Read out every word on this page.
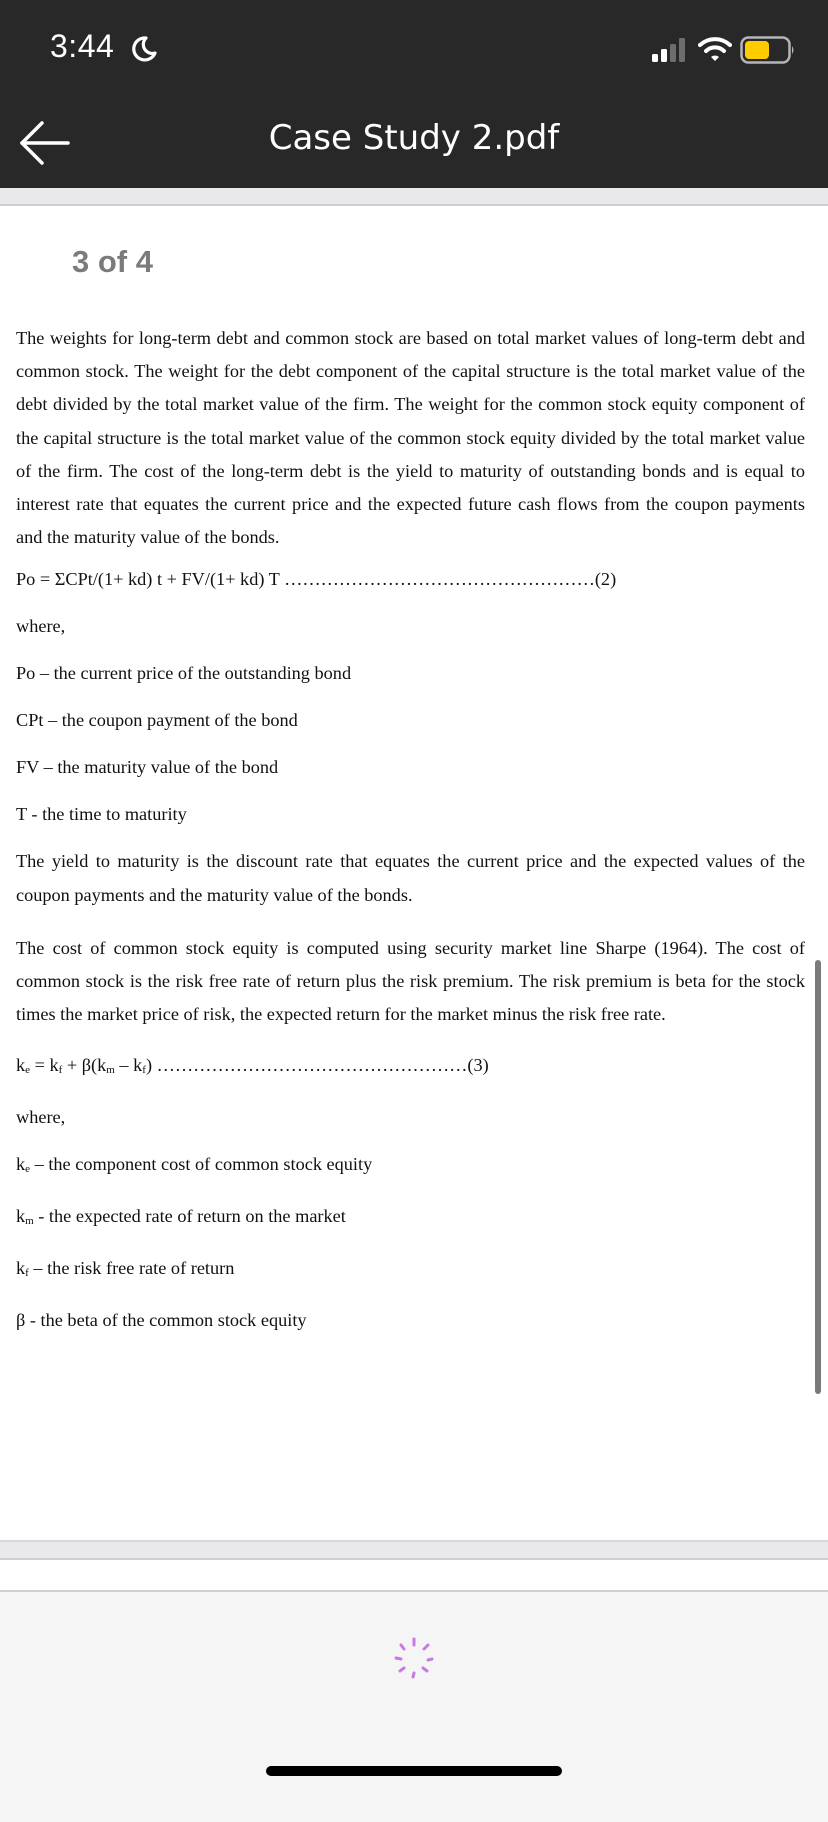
3:44
Case Study 2.pdf
3 of 4

The weights for long-term debt and common stock are based on total market values of long-term debt and common stock. The weight for the debt component of the capital structure is the total market value of the debt divided by the total market value of the firm. The weight for the common stock equity component of the capital structure is the total market value of the common stock equity divided by the total market value of the firm. The cost of the long-term debt is the yield to maturity of outstanding bonds and is equal to interest rate that equates the current price and the expected future cash flows from the coupon payments and the maturity value of the bonds.

Po = ΣCPt/(1+ kd) t + FV/(1+ kd) T ……………………………………………(2)

where,

Po – the current price of the outstanding bond

CPt – the coupon payment of the bond

FV – the maturity value of the bond

T - the time to maturity

The yield to maturity is the discount rate that equates the current price and the expected values of the coupon payments and the maturity value of the bonds.

The cost of common stock equity is computed using security market line Sharpe (1964). The cost of common stock is the risk free rate of return plus the risk premium. The risk premium is beta for the stock times the market price of risk, the expected return for the market minus the risk free rate.

ke = kf + β(km – kf) ……………………………………………(3)

where,

ke – the component cost of common stock equity

km - the expected rate of return on the market

kf – the risk free rate of return

β - the beta of the common stock equity
